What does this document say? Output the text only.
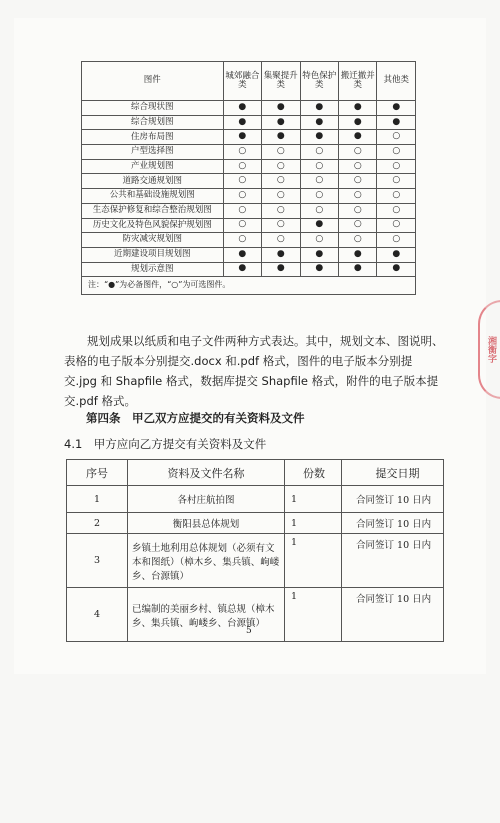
图件	城郊融合类	集聚提升类	特色保护类	搬迁撤并类	其他类
综合现状图	●	●	●	●	●
综合规划图	●	●	●	●	●
住房布局图	●	●	●	●	○
户型选择图	○	○	○	○	○
产业规划图	○	○	○	○	○
道路交通规划图	○	○	○	○	○
公共和基础设施规划图	○	○	○	○	○
生态保护修复和综合整治规划图	○	○	○	○	○
历史文化及特色风貌保护规划图	○	○	●	○	○
防灾减灾规划图	○	○	○	○	○
近期建设项目规划图	●	●	●	●	●
规划示意图	●	●	●	●	●
注：“●”为必备图件，“○”为可选图件。					

规划成果以纸质和电子文件两种方式表达。其中，规划文本、图说明、表格的电子版本分别提交.docx 和.pdf 格式，图件的电子版本分别提交.jpg 和 Shapfile 格式，数据库提交 Shapfile 格式，附件的电子版本提交.pdf 格式。

第四条　甲乙双方应提交的有关资料及文件

4.1　甲方应向乙方提交有关资料及文件

序号	资料及文件名称	份数	提交日期
1	各村庄航拍图	1	合同签订 10 日内
2	衡阳县总体规划	1	合同签订 10 日内
3	乡镇土地利用总体规划（必须有文本和图纸）（樟木乡、集兵镇、岣嵝乡、台源镇）	1	合同签订 10 日内
4	已编制的美丽乡村、镇总规（樟木乡、集兵镇、岣嵝乡、台源镇）	1	合同签订 10 日内

5

湘衡字
